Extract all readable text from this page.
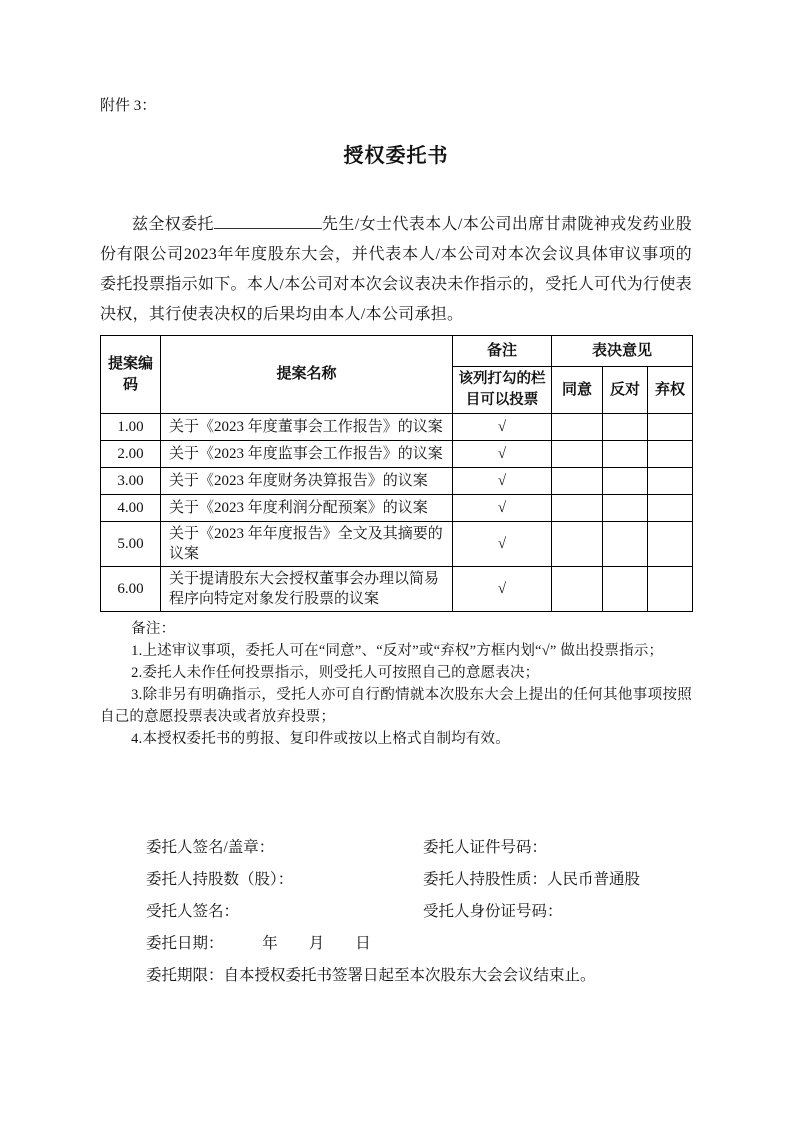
附件 3：
授权委托书

兹全权委托	先生/女士代表本人/本公司出席甘肃陇神戎发药业股份有限公司2023年年度股东大会，并代表本人/本公司对本次会议具体审议事项的委托投票指示如下。本人/本公司对本次会议表决未作指示的，受托人可代为行使表决权，其行使表决权的后果均由本人/本公司承担。

提案编码	提案名称	备注	表决意见		
		该列打勾的栏目可以投票	同意	反对	弃权
1.00	关于《2023 年度董事会工作报告》的议案	√			
2.00	关于《2023 年度监事会工作报告》的议案	√			
3.00	关于《2023 年度财务决算报告》的议案	√			
4.00	关于《2023 年度利润分配预案》的议案	√			
5.00	关于《2023 年年度报告》全文及其摘要的议案	√			
6.00	关于提请股东大会授权董事会办理以简易程序向特定对象发行股票的议案	√			

备注：

1.上述审议事项，委托人可在“同意”、“反对”或“弃权”方框内划“√” 做出投票指示；

2.委托人未作任何投票指示，则受托人可按照自己的意愿表决；

3.除非另有明确指示，受托人亦可自行酌情就本次股东大会上提出的任何其他事项按照自己的意愿投票表决或者放弃投票；

4.本授权委托书的剪报、复印件或按以上格式自制均有效。

委托人签名/盖章：	委托人证件号码：
委托人持股数（股）：	委托人持股性质：人民币普通股
受托人签名：	受托人身份证号码：
委托日期：　　　年　　月　　日
委托期限：自本授权委托书签署日起至本次股东大会会议结束止。
